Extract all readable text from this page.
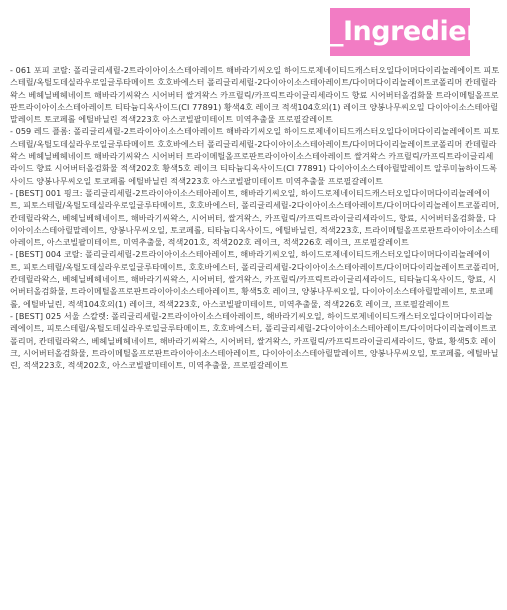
_Ingredient

- 061 포피 코랄: 폴리글리세릴-2트라이아이소스테아레이트 해바라기씨오일 하이드로제네이티드캐스터오일다이머다이리놀레에이트 피토스테릴/옥틸도데실라우로일글루타메이트 호호바에스터 폴리글리세릴-2다이아이소스테아레이트/다이머다이리놀레이트코폴리머 칸데릴라왁스 베헤닐베헤네이트 해바라기씨왁스 시어버터 쌀겨왁스 카프릴릭/카프릭트라이글리세라이드 향료 시어버터올검화물 트라이메틸올프로판트라이아이소스테아레이트 티타늄디옥사이드(CI 77891) 황색4호 레이크 적색104호의(1) 레이크 양봉나무씨오일 다이아이소스테아릴말레이트 토코페롤 에틸바닐린 적색223호 아스코빌팔미테이트 미역추출물 프로필갈레이트

- 059 레드 플롬: 폴리글리세릴-2트라이아이소스테아레이트 해바라기씨오일 하이드로제네이티드캐스터오일다이머다이리놀레에이트 피토스테릴/옥틸도데실라우로일글루타메이트 호호바에스터 폴리글리세릴-2다이아이소스테아레이트/다이머다이리놀레이트코폴리머 칸데릴라왁스 베헤닐베헤네이트 해바라기씨왁스 시어버터 트라이메틸올프로판트라이아이소스테아레이트 쌀겨왁스 카프릴릭/카프릭트라이글리세라이드 향료 시어버터올검화물 적색202호 황색5호 레이크 티타늄디옥사이드(CI 77891) 다이아이소스테아릴말레이트 알루미늄하이드록사이드 양봉나무씨오일 토코페롤 에틸바닐린 적색223호 아스코빌팔미테이트 미역추출물 프로필갈레이트

- [BEST] 001 핑크: 폴리글리세릴-2트라이아이소스테아레이트, 해바라기씨오일, 하이드로제네이티드캐스터오일다이머다이리놀레에이트, 피토스테릴/옥틸도데실라우로일글루타메이트, 호호바에스터, 폴리글리세릴-2다이아이소스테아레이트/다이머다이리놀레이트코폴리머, 칸데릴라왁스, 베헤닐베헤네이트, 해바라기씨왁스, 시어버터, 쌀겨왁스, 카프릴릭/카프릭트라이글리세라이드, 향료, 시어버터올검화물, 다이아이소스테아릴말레이트, 양봉나무씨오일, 토코페롤, 티타늄디옥사이드, 에틸바닐린, 적색223호, 트라이메틸올프로판트라이아이소스테아레이트, 아스코빌팔미테이트, 미역추출물, 적색201호, 적색202호 레이크, 적색226호 레이크, 프로필갈레이트

- [BEST] 004 코랄: 폴리글리세릴-2트라이아이소스테아레이트, 해바라기씨오일, 하이드로제네이티드캐스터오일다이머다이리놀레에이트, 피토스테릴/옥틸도데실라우로일글루타메이트, 호호바에스터, 폴리글리세릴-2다이아이소스테아레이트/다이머다이리놀레이트코폴리머, 칸데릴라왁스, 베헤닐베헤네이트, 해바라기씨왁스, 시어버터, 쌀겨왁스, 카프릴릭/카프릭트라이글리세라이드, 티타늄디옥사이드, 향료, 시어버터올검화물, 트라이메틸올프로판트라이아이소스테아레이트, 황색5호 레이크, 양봉나무씨오일, 다이아이소스테아릴말레이트, 토코페롤, 에틸바닐린, 적색104호의(1) 레이크, 적색223호, 아스코빌팔미테이트, 미역추출물, 적색226호 레이크, 프로필갈레이트

- [BEST] 025 서울 스칼렛: 폴리글리세릴-2트라이아이소스테아레이트, 해바라기씨오일, 하이드로제네이티드캐스터오일다이머다이리놀레에이트, 피토스테릴/옥틸도데실라우로일글루타메이트, 호호바에스터, 폴리글리세릴-2다이아이소스테아레이트/다이머다이리놀레이트코폴리머, 칸데릴라왁스, 베헤닐베헤네이트, 해바라기씨왁스, 시어버터, 쌀겨왁스, 카프릴릭/카프릭트라이글리세라이드, 향료, 황색5호 레이크, 시어버터올검화물, 트라이메틸올프로판트라이아이소스테아레이트, 다이아이소스테아릴말레이트, 양봉나무씨오일, 토코페롤, 에틸바닐린, 적색223호, 적색202호, 아스코빌팔미테이트, 미역추출물, 프로필갈레이트
